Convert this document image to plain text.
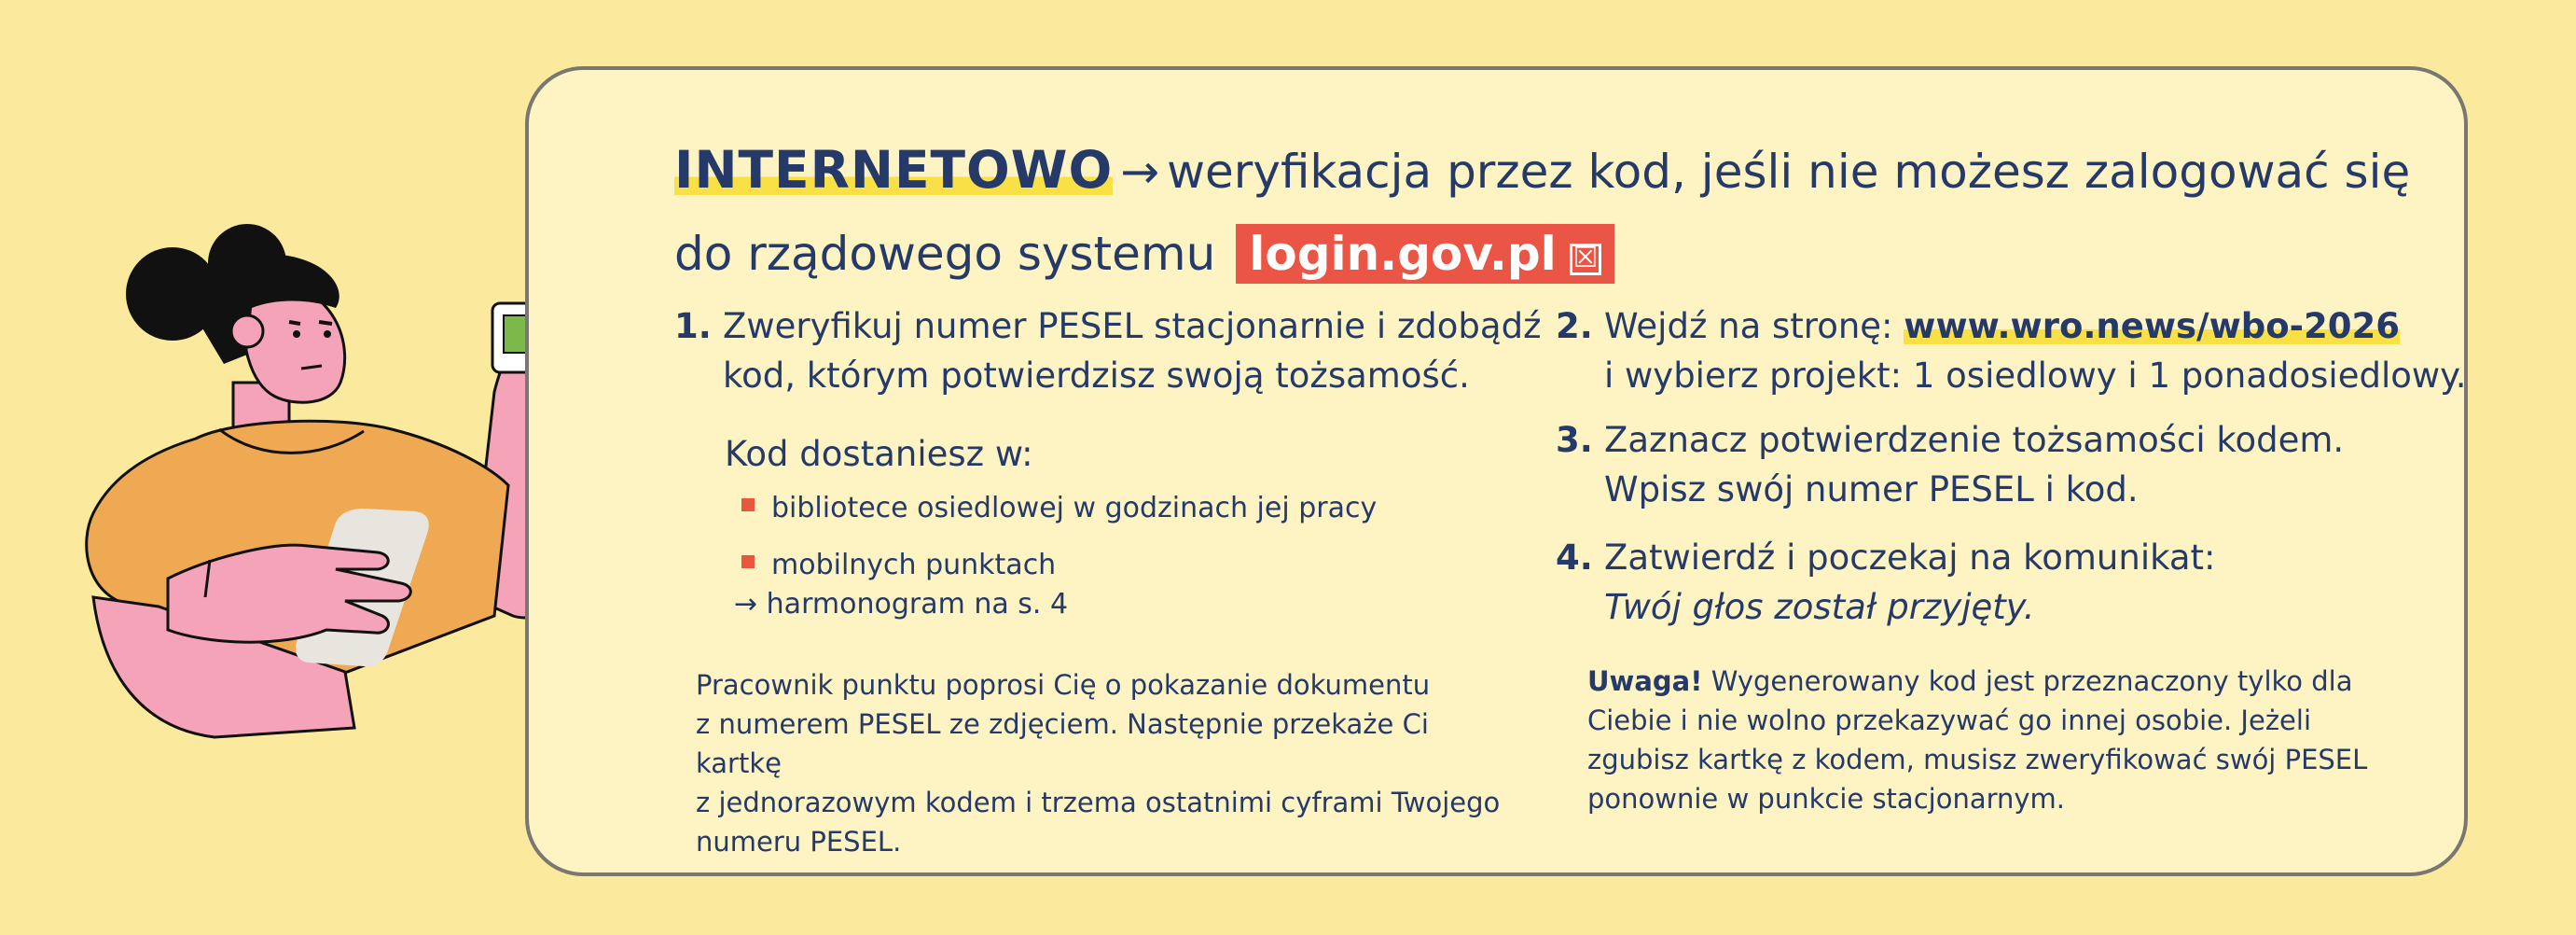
INTERNETOWO → weryfikacja przez kod, jeśli nie możesz zalogować się
do rządowego systemu login.gov.pl ☒
1. Zweryfikuj numer PESEL stacjonarnie i zdobądź
kod, którym potwierdzisz swoją tożsamość.
Kod dostaniesz w:
bibliotece osiedlowej w godzinach jej pracy
mobilnych punktach
→ harmonogram na s. 4
Pracownik punktu poprosi Cię o pokazanie dokumentu
z numerem PESEL ze zdjęciem. Następnie przekaże Ci kartkę
z jednorazowym kodem i trzema ostatnimi cyframi Twojego
numeru PESEL.
2. Wejdź na stronę: www.wro.news/wbo-2026
i wybierz projekt: 1 osiedlowy i 1 ponadosiedlowy.
3. Zaznacz potwierdzenie tożsamości kodem.
Wpisz swój numer PESEL i kod.
4. Zatwierdź i poczekaj na komunikat:
Twój głos został przyjęty.
Uwaga! Wygenerowany kod jest przeznaczony tylko dla
Ciebie i nie wolno przekazywać go innej osobie. Jeżeli
zgubisz kartkę z kodem, musisz zweryfikować swój PESEL
ponownie w punkcie stacjonarnym.
